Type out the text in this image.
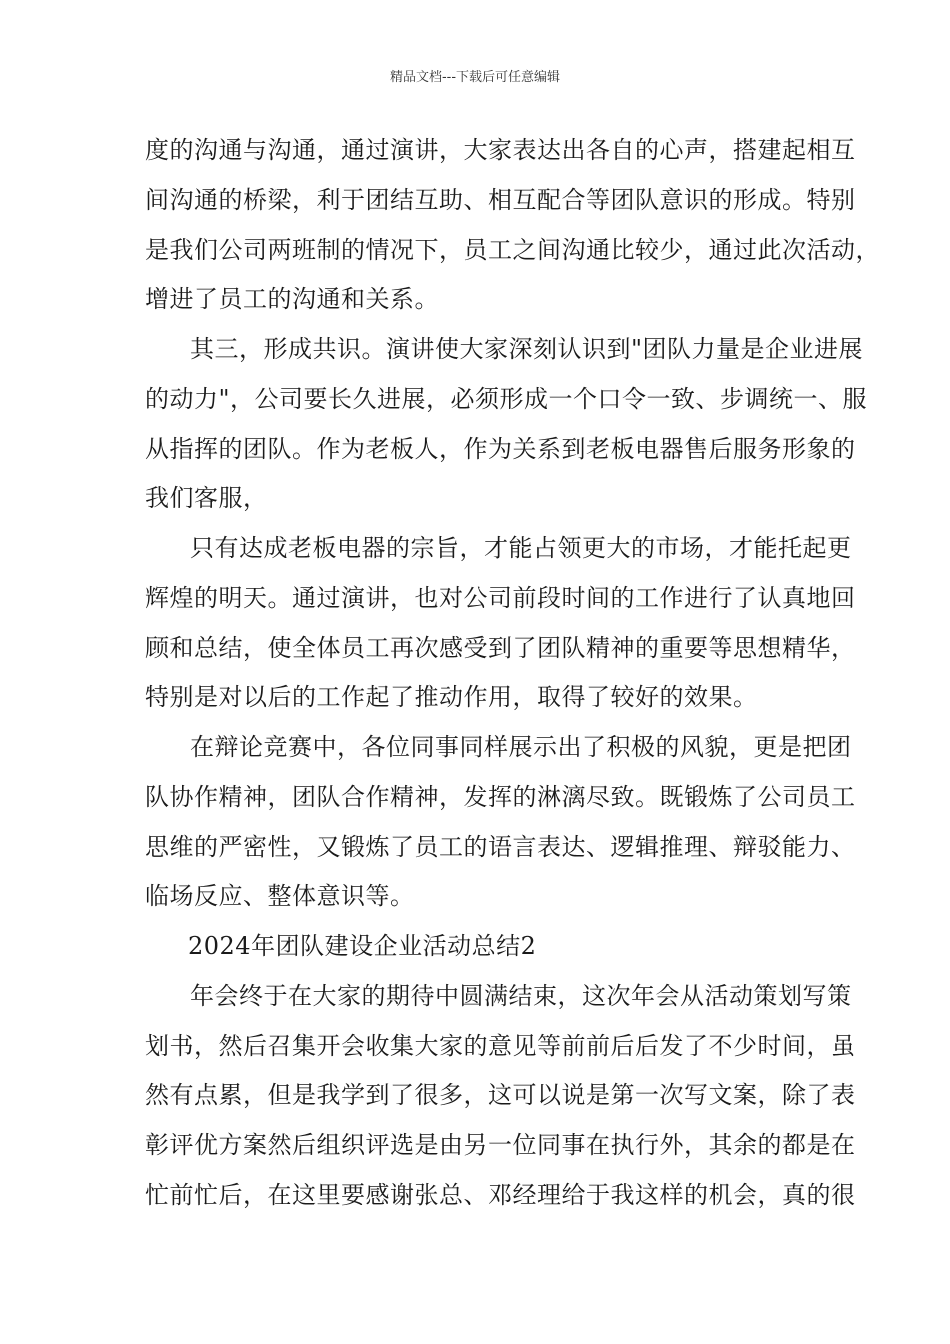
精品文档---下载后可任意编辑
度的沟通与沟通，通过演讲，大家表达出各自的心声，搭建起相互
间沟通的桥梁，利于团结互助、相互配合等团队意识的形成。特别
是我们公司两班制的情况下，员工之间沟通比较少，通过此次活动，
增进了员工的沟通和关系。
其三，形成共识。演讲使大家深刻认识到"团队力量是企业进展
的动力"，公司要长久进展，必须形成一个口令一致、步调统一、服
从指挥的团队。作为老板人，作为关系到老板电器售后服务形象的
我们客服，
只有达成老板电器的宗旨，才能占领更大的市场，才能托起更
辉煌的明天。通过演讲，也对公司前段时间的工作进行了认真地回
顾和总结，使全体员工再次感受到了团队精神的重要等思想精华，
特别是对以后的工作起了推动作用，取得了较好的效果。
在辩论竞赛中，各位同事同样展示出了积极的风貌，更是把团
队协作精神，团队合作精神，发挥的淋漓尽致。既锻炼了公司员工
思维的严密性，又锻炼了员工的语言表达、逻辑推理、辩驳能力、
临场反应、整体意识等。
2024年团队建设企业活动总结2
年会终于在大家的期待中圆满结束，这次年会从活动策划写策
划书，然后召集开会收集大家的意见等前前后后发了不少时间，虽
然有点累，但是我学到了很多，这可以说是第一次写文案，除了表
彰评优方案然后组织评选是由另一位同事在执行外，其余的都是在
忙前忙后，在这里要感谢张总、邓经理给于我这样的机会，真的很
